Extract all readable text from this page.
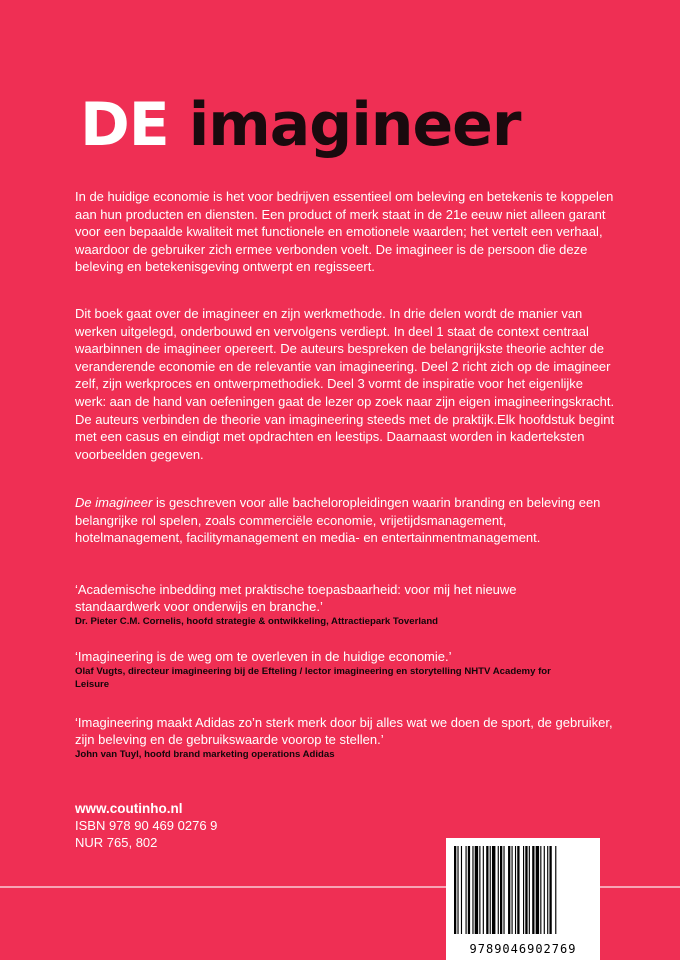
DE imagineer

In de huidige economie is het voor bedrijven essentieel om beleving en betekenis te koppelen aan hun producten en diensten. Een product of merk staat in de 21e eeuw niet alleen garant voor een bepaalde kwaliteit met functionele en emotionele waarden; het vertelt een verhaal, waardoor de gebruiker zich ermee verbonden voelt. De imagineer is de persoon die deze beleving en betekenisgeving ontwerpt en regisseert.

Dit boek gaat over de imagineer en zijn werkmethode. In drie delen wordt de manier van werken uitgelegd, onderbouwd en vervolgens verdiept. In deel 1 staat de context centraal waarbinnen de imagineer opereert. De auteurs bespreken de belangrijkste theorie achter de veranderende economie en de relevantie van imagineering. Deel 2 richt zich op de imagineer zelf, zijn werkproces en ontwerpmethodiek. Deel 3 vormt de inspiratie voor het eigenlijke werk: aan de hand van oefeningen gaat de lezer op zoek naar zijn eigen imagineeringskracht.

De auteurs verbinden de theorie van imagineering steeds met de praktijk.Elk hoofdstuk begint met een casus en eindigt met opdrachten en leestips. Daarnaast worden in kaderteksten voorbeelden gegeven.

De imagineer is geschreven voor alle bacheloropleidingen waarin branding en beleving een belangrijke rol spelen, zoals commerciële economie, vrijetijdsmanagement, hotelmanagement, facilitymanagement en media- en entertainmentmanagement.

‘Academische inbedding met praktische toepasbaarheid: voor mij het nieuwe standaardwerk voor onderwijs en branche.’

Dr. Pieter C.M. Cornelis, hoofd strategie & ontwikkeling, Attractiepark Toverland

‘Imagineering is de weg om te overleven in de huidige economie.’

Olaf Vugts, directeur imagineering bij de Efteling / lector imagineering en storytelling NHTV Academy for Leisure

‘Imagineering maakt Adidas zo’n sterk merk door bij alles wat we doen de sport, de gebruiker, zijn beleving en de gebruikswaarde voorop te stellen.’

John van Tuyl, hoofd brand marketing operations Adidas

www.coutinho.nl
ISBN 978 90 469 0276 9
NUR 765, 802
9789046902769
